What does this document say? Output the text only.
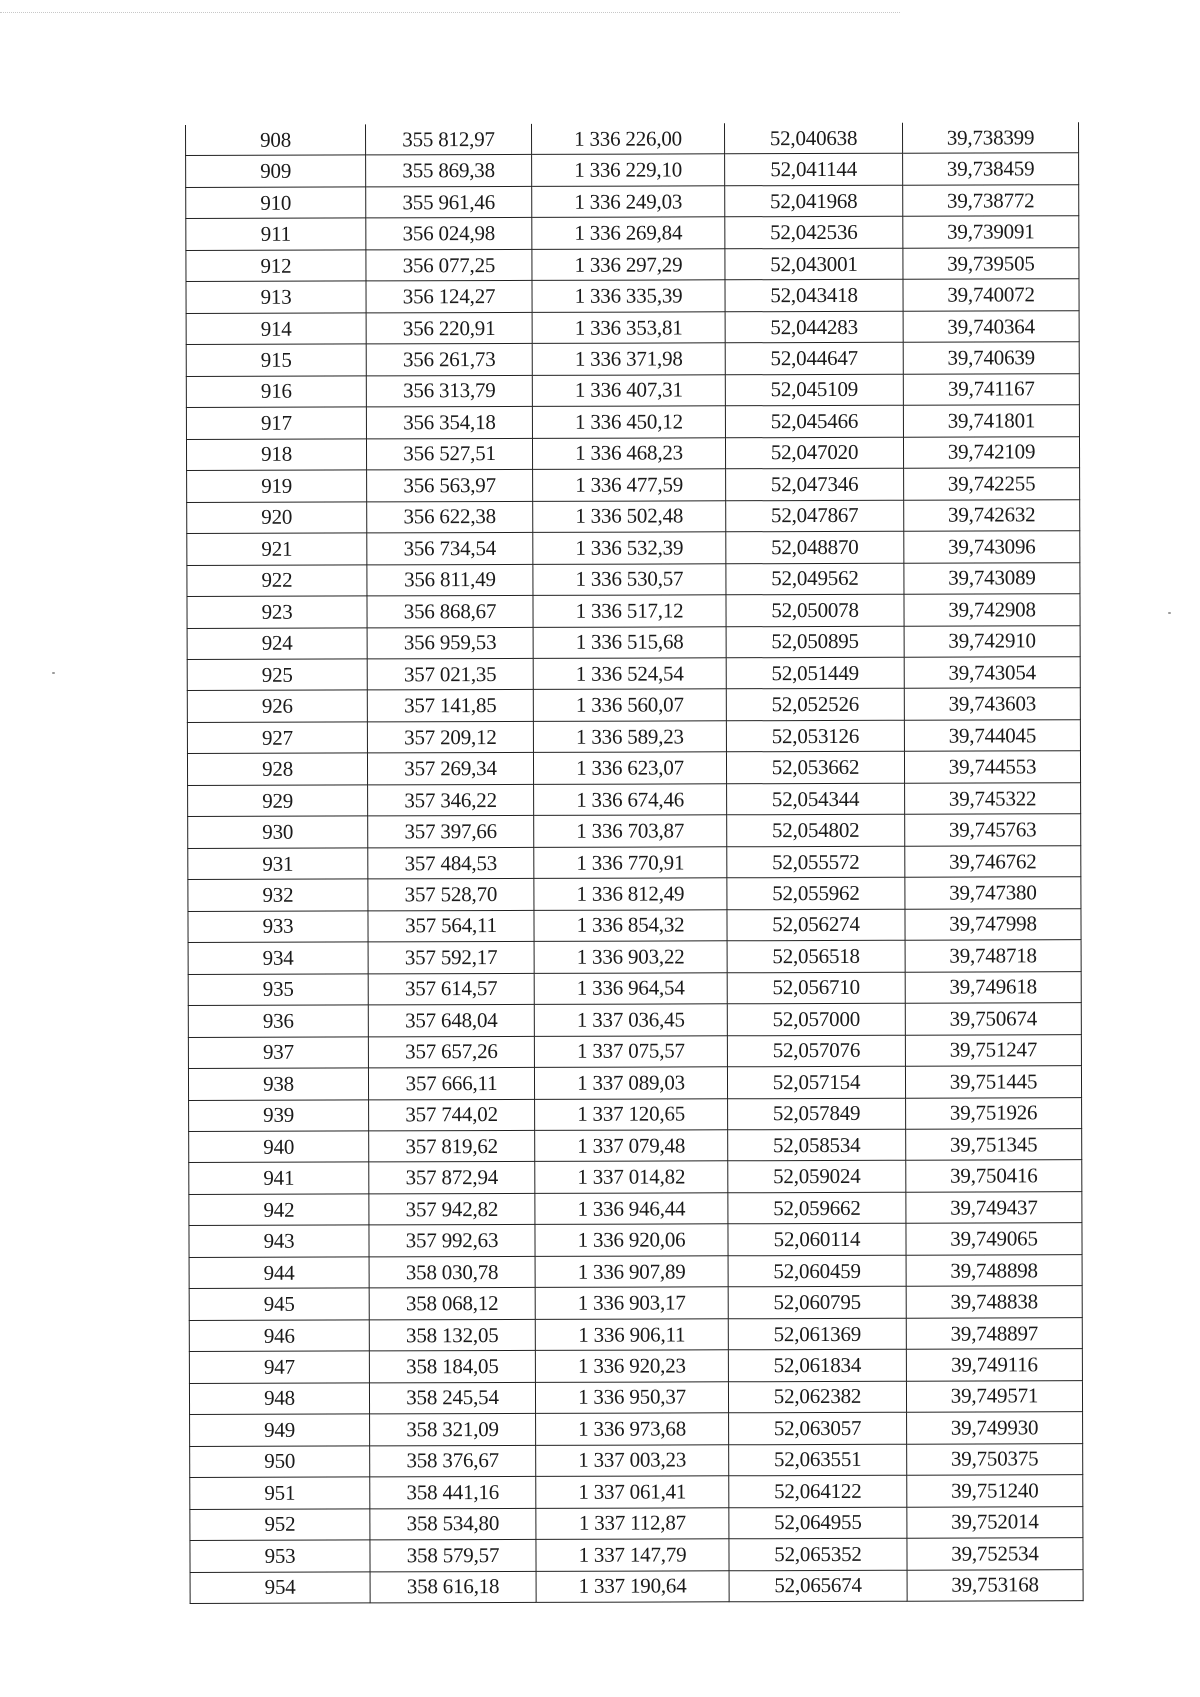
908	355 812,97	1 336 226,00	52,040638	39,738399
909	355 869,38	1 336 229,10	52,041144	39,738459
910	355 961,46	1 336 249,03	52,041968	39,738772
911	356 024,98	1 336 269,84	52,042536	39,739091
912	356 077,25	1 336 297,29	52,043001	39,739505
913	356 124,27	1 336 335,39	52,043418	39,740072
914	356 220,91	1 336 353,81	52,044283	39,740364
915	356 261,73	1 336 371,98	52,044647	39,740639
916	356 313,79	1 336 407,31	52,045109	39,741167
917	356 354,18	1 336 450,12	52,045466	39,741801
918	356 527,51	1 336 468,23	52,047020	39,742109
919	356 563,97	1 336 477,59	52,047346	39,742255
920	356 622,38	1 336 502,48	52,047867	39,742632
921	356 734,54	1 336 532,39	52,048870	39,743096
922	356 811,49	1 336 530,57	52,049562	39,743089
923	356 868,67	1 336 517,12	52,050078	39,742908
924	356 959,53	1 336 515,68	52,050895	39,742910
925	357 021,35	1 336 524,54	52,051449	39,743054
926	357 141,85	1 336 560,07	52,052526	39,743603
927	357 209,12	1 336 589,23	52,053126	39,744045
928	357 269,34	1 336 623,07	52,053662	39,744553
929	357 346,22	1 336 674,46	52,054344	39,745322
930	357 397,66	1 336 703,87	52,054802	39,745763
931	357 484,53	1 336 770,91	52,055572	39,746762
932	357 528,70	1 336 812,49	52,055962	39,747380
933	357 564,11	1 336 854,32	52,056274	39,747998
934	357 592,17	1 336 903,22	52,056518	39,748718
935	357 614,57	1 336 964,54	52,056710	39,749618
936	357 648,04	1 337 036,45	52,057000	39,750674
937	357 657,26	1 337 075,57	52,057076	39,751247
938	357 666,11	1 337 089,03	52,057154	39,751445
939	357 744,02	1 337 120,65	52,057849	39,751926
940	357 819,62	1 337 079,48	52,058534	39,751345
941	357 872,94	1 337 014,82	52,059024	39,750416
942	357 942,82	1 336 946,44	52,059662	39,749437
943	357 992,63	1 336 920,06	52,060114	39,749065
944	358 030,78	1 336 907,89	52,060459	39,748898
945	358 068,12	1 336 903,17	52,060795	39,748838
946	358 132,05	1 336 906,11	52,061369	39,748897
947	358 184,05	1 336 920,23	52,061834	39,749116
948	358 245,54	1 336 950,37	52,062382	39,749571
949	358 321,09	1 336 973,68	52,063057	39,749930
950	358 376,67	1 337 003,23	52,063551	39,750375
951	358 441,16	1 337 061,41	52,064122	39,751240
952	358 534,80	1 337 112,87	52,064955	39,752014
953	358 579,57	1 337 147,79	52,065352	39,752534
954	358 616,18	1 337 190,64	52,065674	39,753168
